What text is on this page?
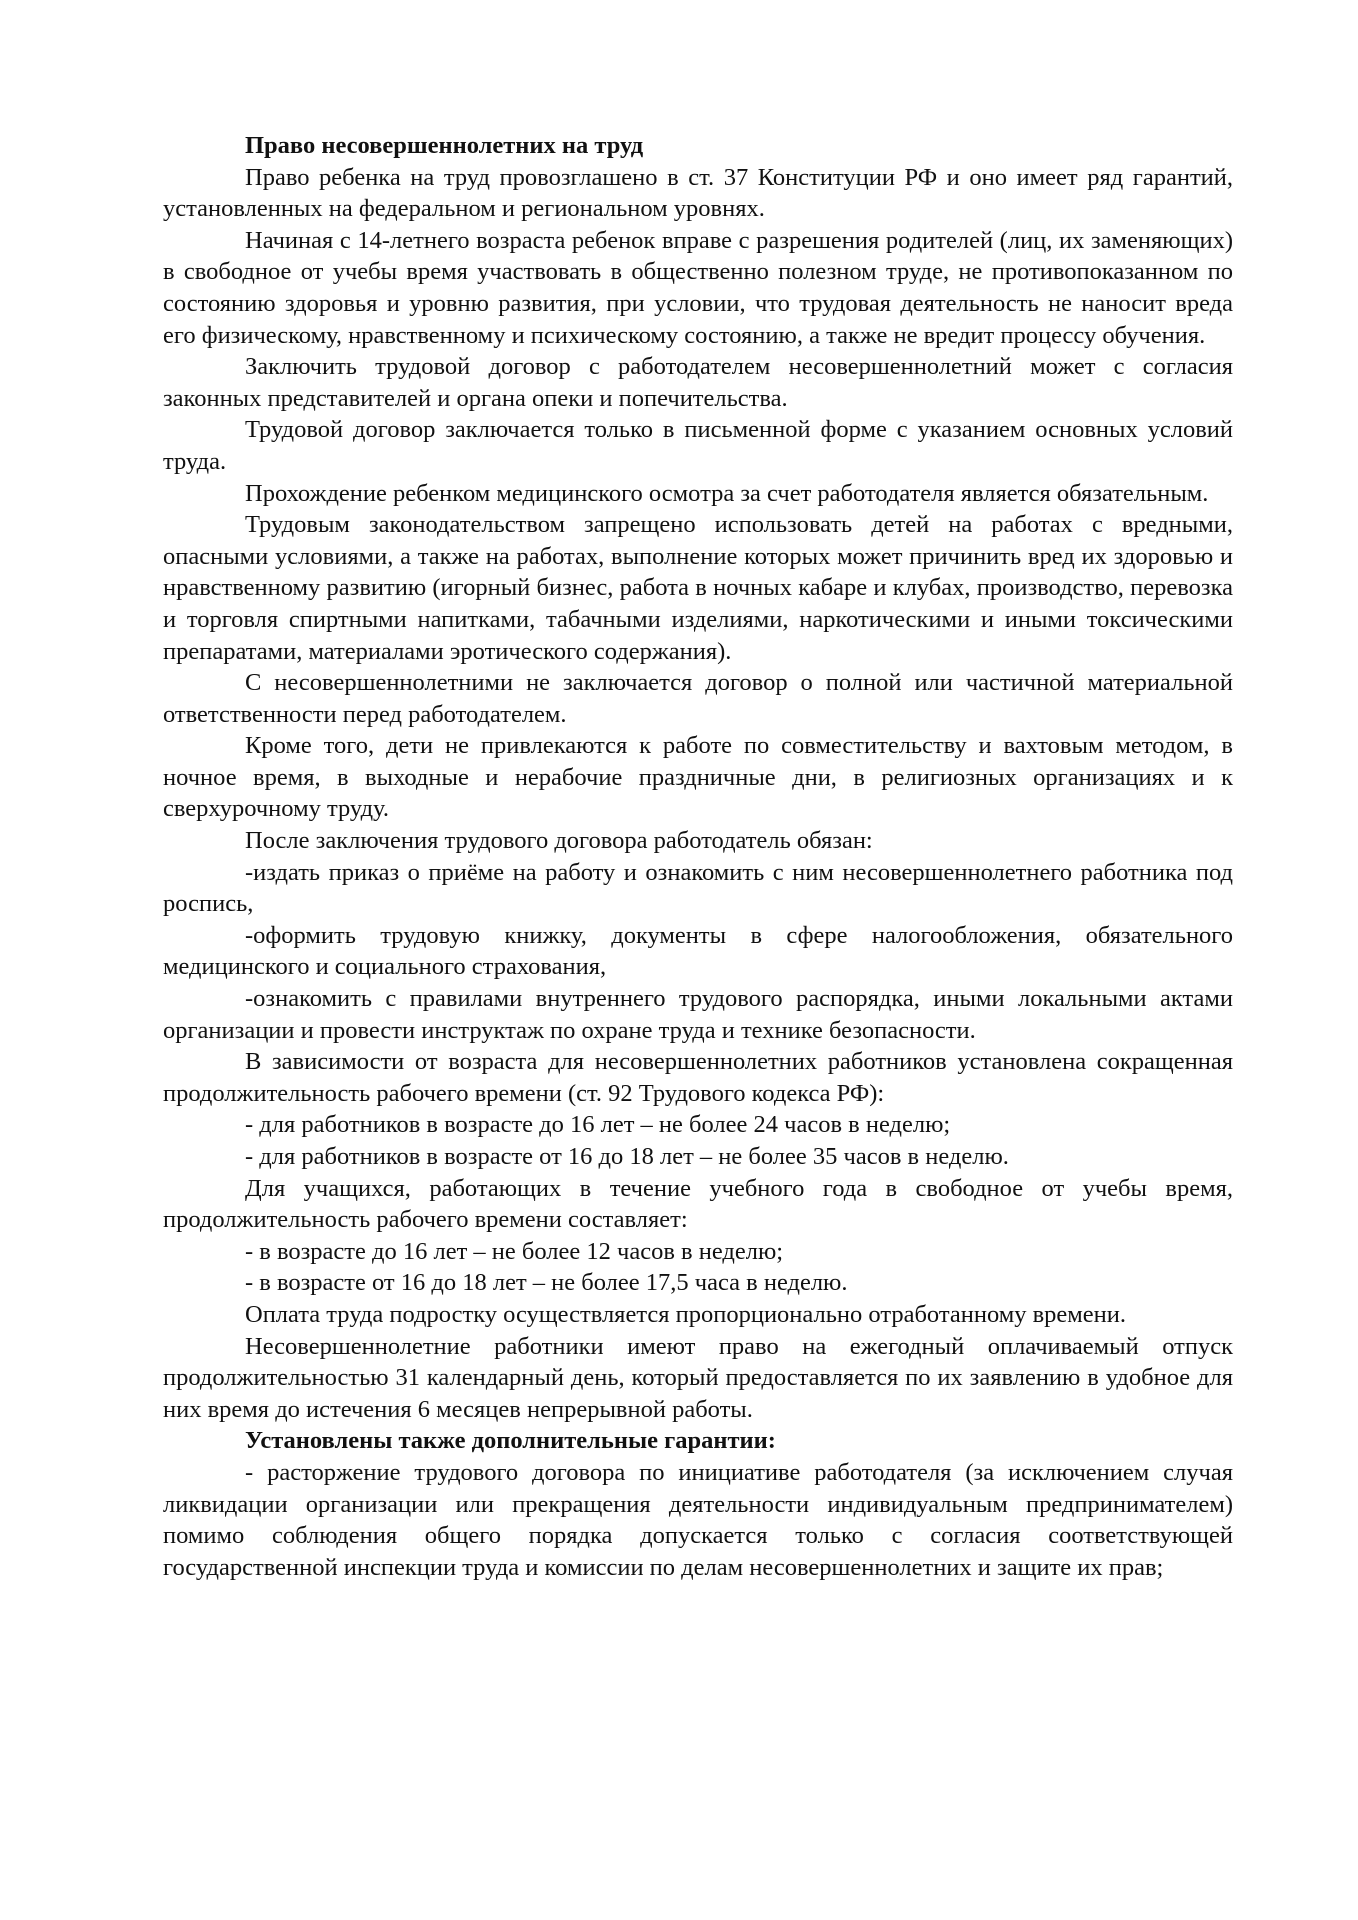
Право несовершеннолетних на труд

Право ребенка на труд провозглашено в ст. 37 Конституции РФ и оно имеет ряд гарантий, установленных на федеральном и региональном уровнях.

Начиная с 14-летнего возраста ребенок вправе с разрешения родителей (лиц, их заменяющих) в свободное от учебы время участвовать в общественно полезном труде, не противопоказанном по состоянию здоровья и уровню развития, при условии, что трудовая деятельность не наносит вреда его физическому, нравственному и психическому состоянию, а также не вредит процессу обучения.

Заключить трудовой договор с работодателем несовершеннолетний может с согласия законных представителей и органа опеки и попечительства.

Трудовой договор заключается только в письменной форме с указанием основных условий труда.

Прохождение ребенком медицинского осмотра за счет работодателя является обязательным.

Трудовым законодательством запрещено использовать детей на работах с вредными, опасными условиями, а также на работах, выполнение которых может причинить вред их здоровью и нравственному развитию (игорный бизнес, работа в ночных кабаре и клубах, производство, перевозка и торговля спиртными напитками, табачными изделиями, наркотическими и иными токсическими препаратами, материалами эротического содержания).

С несовершеннолетними не заключается договор о полной или частичной материальной ответственности перед работодателем.

Кроме того, дети не привлекаются к работе по совместительству и вахтовым методом, в ночное время, в выходные и нерабочие праздничные дни, в религиозных организациях и к сверхурочному труду.

После заключения трудового договора работодатель обязан:

-издать приказ о приёме на работу и ознакомить с ним несовершеннолетнего работника под роспись,

-оформить трудовую книжку, документы в сфере налогообложения, обязательного медицинского и социального страхования,

-ознакомить с правилами внутреннего трудового распорядка, иными локальными актами организации и провести инструктаж по охране труда и технике безопасности.

В зависимости от возраста для несовершеннолетних работников установлена сокращенная продолжительность рабочего времени (ст. 92 Трудового кодекса РФ):

- для работников в возрасте до 16 лет – не более 24 часов в неделю;

- для работников в возрасте от 16 до 18 лет – не более 35 часов в неделю.

Для учащихся, работающих в течение учебного года в свободное от учебы время, продолжительность рабочего времени составляет:

- в возрасте до 16 лет – не более 12 часов в неделю;

- в возрасте от 16 до 18 лет – не более 17,5 часа в неделю.

Оплата труда подростку осуществляется пропорционально отработанному времени.

Несовершеннолетние работники имеют право на ежегодный оплачиваемый отпуск продолжительностью 31 календарный день, который предоставляется по их заявлению в удобное для них время до истечения 6 месяцев непрерывной работы.

Установлены также дополнительные гарантии:

- расторжение трудового договора по инициативе работодателя (за исключением случая ликвидации организации или прекращения деятельности индивидуальным предпринимателем) помимо соблюдения общего порядка допускается только с согласия соответствующей государственной инспекции труда и комиссии по делам несовершеннолетних и защите их прав;
